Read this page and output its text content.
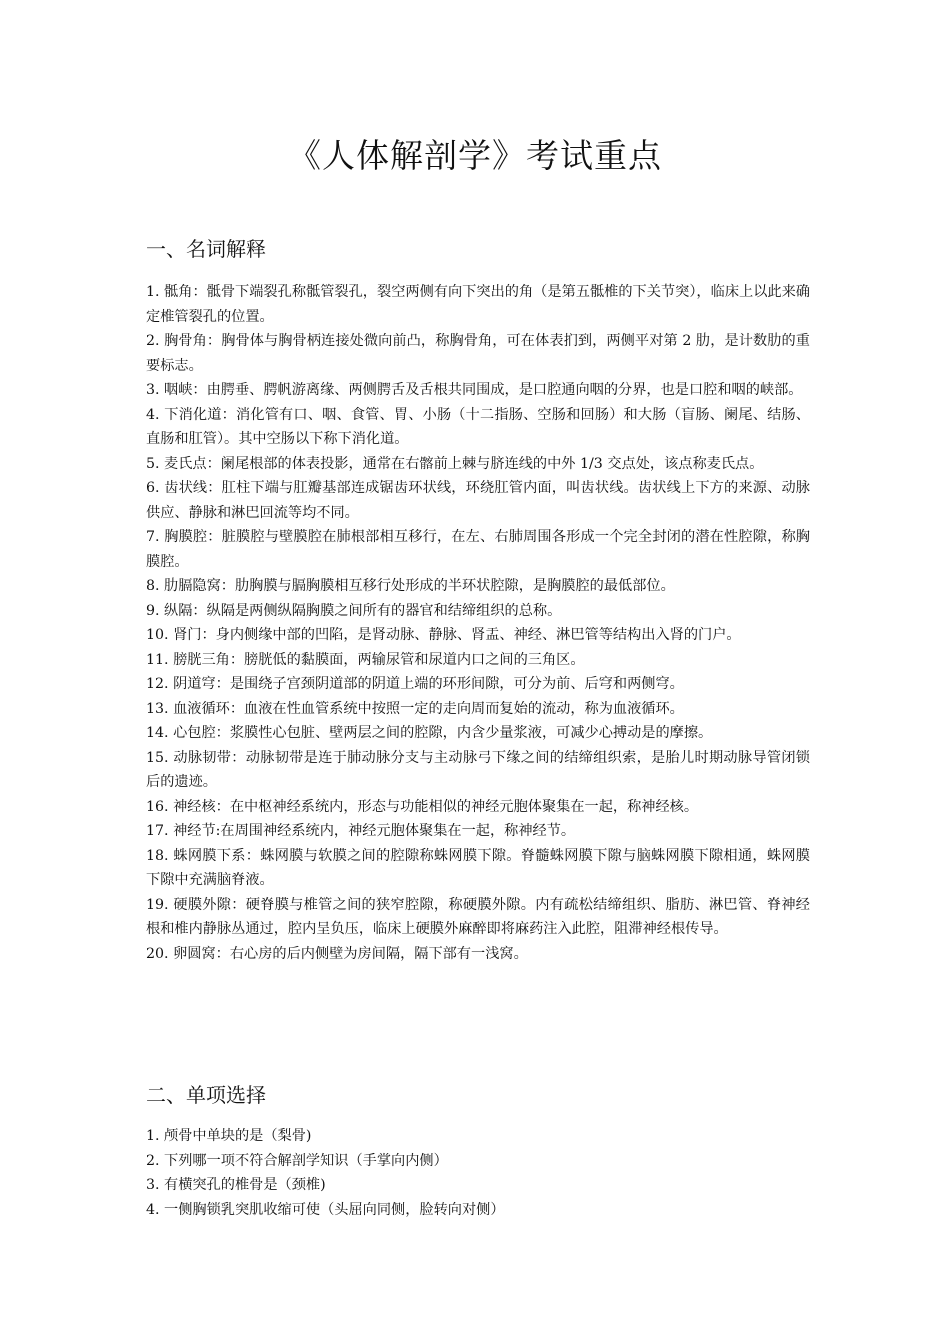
《人体解剖学》考试重点
一、名词解释

1. 骶角：骶骨下端裂孔称骶管裂孔，裂空两侧有向下突出的角（是第五骶椎的下关节突），临床上以此来确定椎管裂孔的位置。

2. 胸骨角：胸骨体与胸骨柄连接处微向前凸，称胸骨角，可在体表扪到，两侧平对第 2 肋，是计数肋的重要标志。

3. 咽峡：由腭垂、腭帆游离缘、两侧腭舌及舌根共同围成，是口腔通向咽的分界，也是口腔和咽的峡部。

4. 下消化道：消化管有口、咽、食管、胃、小肠（十二指肠、空肠和回肠）和大肠（盲肠、阑尾、结肠、直肠和肛管）。其中空肠以下称下消化道。

5. 麦氏点：阑尾根部的体表投影，通常在右髂前上棘与脐连线的中外 1/3 交点处，该点称麦氏点。

6. 齿状线：肛柱下端与肛瓣基部连成锯齿环状线，环绕肛管内面，叫齿状线。齿状线上下方的来源、动脉供应、静脉和淋巴回流等均不同。

7. 胸膜腔：脏膜腔与壁膜腔在肺根部相互移行，在左、右肺周围各形成一个完全封闭的潜在性腔隙，称胸膜腔。

8. 肋膈隐窝：肋胸膜与膈胸膜相互移行处形成的半环状腔隙，是胸膜腔的最低部位。

9. 纵隔：纵隔是两侧纵隔胸膜之间所有的器官和结缔组织的总称。

10. 肾门：身内侧缘中部的凹陷，是肾动脉、静脉、肾盂、神经、淋巴管等结构出入肾的门户。

11. 膀胱三角：膀胱低的黏膜面，两输尿管和尿道内口之间的三角区。

12. 阴道穹：是围绕子宫颈阴道部的阴道上端的环形间隙，可分为前、后穹和两侧穹。

13. 血液循环：血液在性血管系统中按照一定的走向周而复始的流动，称为血液循环。

14. 心包腔：浆膜性心包脏、壁两层之间的腔隙，内含少量浆液，可减少心搏动是的摩擦。

15. 动脉韧带：动脉韧带是连于肺动脉分支与主动脉弓下缘之间的结缔组织索，是胎儿时期动脉导管闭锁后的遗迹。

16. 神经核：在中枢神经系统内，形态与功能相似的神经元胞体聚集在一起，称神经核。

17. 神经节:在周围神经系统内，神经元胞体聚集在一起，称神经节。

18. 蛛网膜下系：蛛网膜与软膜之间的腔隙称蛛网膜下隙。脊髓蛛网膜下隙与脑蛛网膜下隙相通，蛛网膜下隙中充满脑脊液。

19. 硬膜外隙：硬脊膜与椎管之间的狭窄腔隙，称硬膜外隙。内有疏松结缔组织、脂肪、淋巴管、脊神经根和椎内静脉丛通过，腔内呈负压，临床上硬膜外麻醉即将麻药注入此腔，阻滞神经根传导。

20. 卵圆窝：右心房的后内侧壁为房间隔，隔下部有一浅窝。

二、单项选择

1. 颅骨中单块的是（梨骨)

2. 下列哪一项不符合解剖学知识（手掌向内侧）

3. 有横突孔的椎骨是（颈椎)

4. 一侧胸锁乳突肌收缩可使（头屈向同侧，脸转向对侧）
